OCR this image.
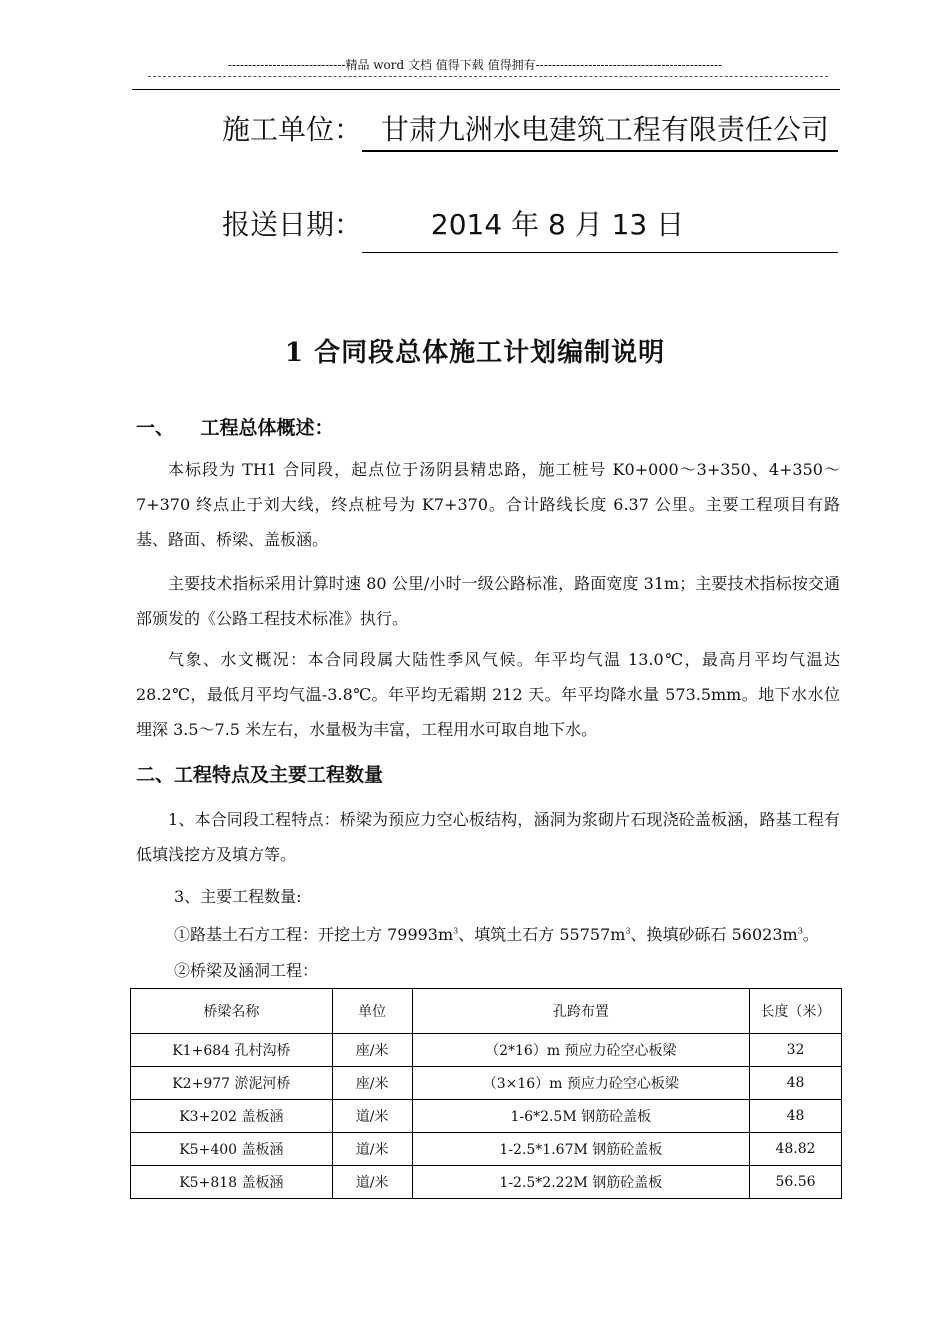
-----------------------------精品 word 文档 值得下载 值得拥有----------------------------------------------
施工单位： 甘肃九洲水电建筑工程有限责任公司
报送日期： 2014 年 8 月 13 日
1 合同段总体施工计划编制说明
一、    工程总体概述：
本标段为 TH1 合同段，起点位于汤阴县精忠路，施工桩号 K0+000～3+350、4+350～7+370 终点止于刘大线，终点桩号为 K7+370。合计路线长度 6.37 公里。主要工程项目有路基、路面、桥梁、盖板涵。
主要技术指标采用计算时速 80 公里/小时一级公路标准，路面宽度 31m；主要技术指标按交通部颁发的《公路工程技术标准》执行。
气象、水文概况：本合同段属大陆性季风气候。年平均气温 13.0℃，最高月平均气温达 28.2℃，最低月平均气温-3.8℃。年平均无霜期 212 天。年平均降水量 573.5mm。地下水水位埋深 3.5～7.5 米左右，水量极为丰富，工程用水可取自地下水。
二、工程特点及主要工程数量
1、本合同段工程特点：桥梁为预应力空心板结构，涵洞为浆砌片石现浇砼盖板涵，路基工程有低填浅挖方及填方等。
3、主要工程数量:
①路基土石方工程：开挖土方 $79993m^3$、填筑土石方 $55757m^3$、换填砂砾石 $56023m^3$。
②桥梁及涵洞工程：
桥梁名称	单位	孔跨布置	长度（米）
K1+684 孔村沟桥	座/米	（2*16）m 预应力砼空心板梁	32
K2+977 淤泥河桥	座/米	（3×16）m 预应力砼空心板梁	48
K3+202 盖板涵	道/米	1-6*2.5M 钢筋砼盖板	48
K5+400 盖板涵	道/米	1-2.5*1.67M 钢筋砼盖板	48.82
K5+818 盖板涵	道/米	1-2.5*2.22M 钢筋砼盖板	56.56
